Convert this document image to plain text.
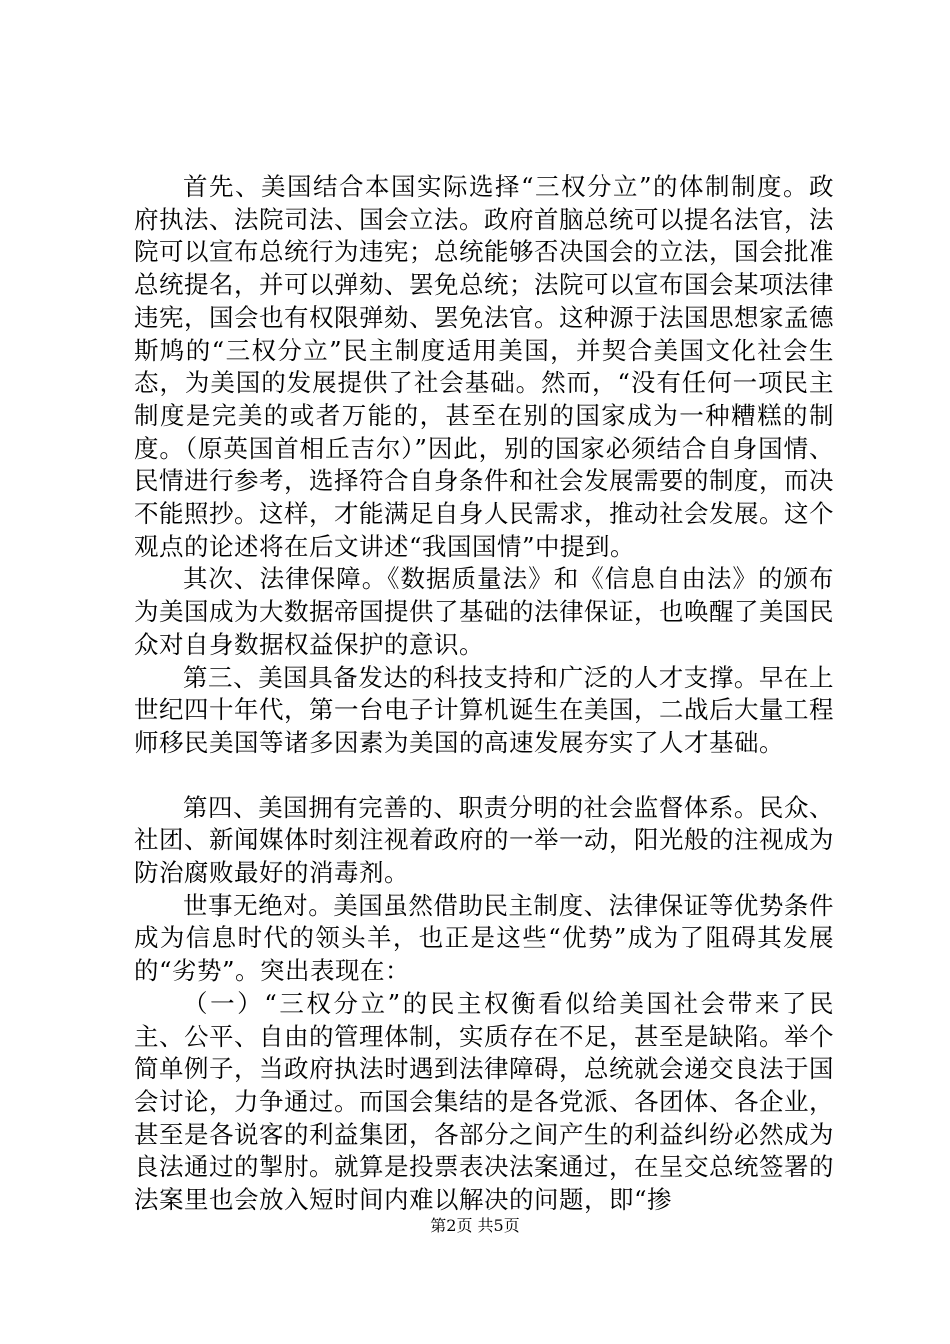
首先、美国结合本国实际选择“三权分立”的体制制度。政府执法、法院司法、国会立法。政府首脑总统可以提名法官，法院可以宣布总统行为违宪；总统能够否决国会的立法，国会批准总统提名，并可以弹劾、罢免总统；法院可以宣布国会某项法律违宪，国会也有权限弹劾、罢免法官。这种源于法国思想家孟德斯鸠的“三权分立”民主制度适用美国，并契合美国文化社会生态，为美国的发展提供了社会基础。然而，“没有任何一项民主制度是完美的或者万能的，甚至在别的国家成为一种糟糕的制度。（原英国首相丘吉尔）”因此，别的国家必须结合自身国情、民情进行参考，选择符合自身条件和社会发展需要的制度，而决不能照抄。这样，才能满足自身人民需求，推动社会发展。这个观点的论述将在后文讲述“我国国情”中提到。

其次、法律保障。《数据质量法》和《信息自由法》的颁布为美国成为大数据帝国提供了基础的法律保证，也唤醒了美国民众对自身数据权益保护的意识。

第三、美国具备发达的科技支持和广泛的人才支撑。早在上世纪四十年代，第一台电子计算机诞生在美国，二战后大量工程师移民美国等诸多因素为美国的高速发展夯实了人才基础。

第四、美国拥有完善的、职责分明的社会监督体系。民众、社团、新闻媒体时刻注视着政府的一举一动，阳光般的注视成为防治腐败最好的消毒剂。

世事无绝对。美国虽然借助民主制度、法律保证等优势条件成为信息时代的领头羊，也正是这些“优势”成为了阻碍其发展的“劣势”。突出表现在：

（一）“三权分立”的民主权衡看似给美国社会带来了民主、公平、自由的管理体制，实质存在不足，甚至是缺陷。举个简单例子，当政府执法时遇到法律障碍，总统就会递交良法于国会讨论，力争通过。而国会集结的是各党派、各团体、各企业，甚至是各说客的利益集团，各部分之间产生的利益纠纷必然成为良法通过的掣肘。就算是投票表决法案通过，在呈交总统签署的法案里也会放入短时间内难以解决的问题，即“掺

第2页 共5页
